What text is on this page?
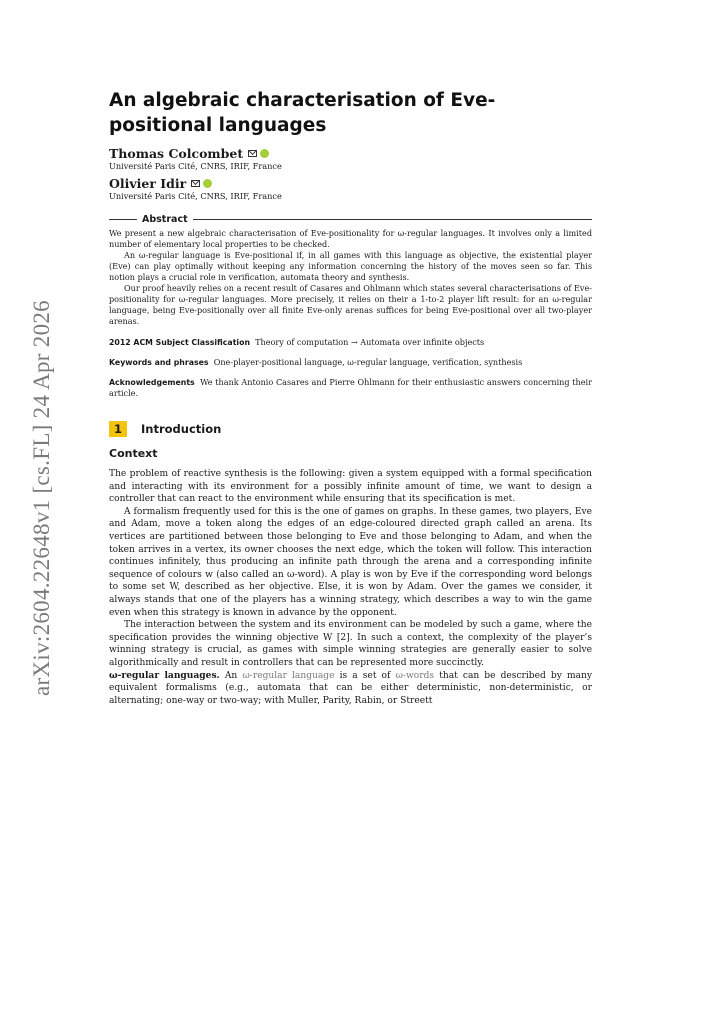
arXiv:2604.22648v1 [cs.FL] 24 Apr 2026
An algebraic characterisation of Eve-positional languages
Thomas Colcombet
Université Paris Cité, CNRS, IRIF, France
Olivier Idir
Université Paris Cité, CNRS, IRIF, France
Abstract

We present a new algebraic characterisation of Eve-positionality for ω-regular languages. It involves only a limited number of elementary local properties to be checked.

An ω-regular language is Eve-positional if, in all games with this language as objective, the existential player (Eve) can play optimally without keeping any information concerning the history of the moves seen so far. This notion plays a crucial role in verification, automata theory and synthesis.

Our proof heavily relies on a recent result of Casares and Ohlmann which states several characterisations of Eve-positionality for ω-regular languages. More precisely, it relies on their a 1-to-2 player lift result: for an ω-regular language, being Eve-positionally over all finite Eve-only arenas suffices for being Eve-positional over all two-player arenas.

2012 ACM Subject Classification Theory of computation → Automata over infinite objects
Keywords and phrases One-player-positional language, ω-regular language, verification, synthesis
Acknowledgements We thank Antonio Casares and Pierre Ohlmann for their enthusiastic answers concerning their article.
1	Introduction
Context

The problem of reactive synthesis is the following: given a system equipped with a formal specification and interacting with its environment for a possibly infinite amount of time, we want to design a controller that can react to the environment while ensuring that its specification is met.

A formalism frequently used for this is the one of games on graphs. In these games, two players, Eve and Adam, move a token along the edges of an edge-coloured directed graph called an arena. Its vertices are partitioned between those belonging to Eve and those belonging to Adam, and when the token arrives in a vertex, its owner chooses the next edge, which the token will follow. This interaction continues infinitely, thus producing an infinite path through the arena and a corresponding infinite sequence of colours w (also called an ω-word). A play is won by Eve if the corresponding word belongs to some set W, described as her objective. Else, it is won by Adam. Over the games we consider, it always stands that one of the players has a winning strategy, which describes a way to win the game even when this strategy is known in advance by the opponent.

The interaction between the system and its environment can be modeled by such a game, where the specification provides the winning objective W [2]. In such a context, the complexity of the player’s winning strategy is crucial, as games with simple winning strategies are generally easier to solve algorithmically and result in controllers that can be represented more succinctly.

ω-regular languages. An ω-regular language is a set of ω-words that can be described by many equivalent formalisms (e.g., automata that can be either deterministic, non-deterministic, or alternating; one-way or two-way; with Muller, Parity, Rabin, or Streett
